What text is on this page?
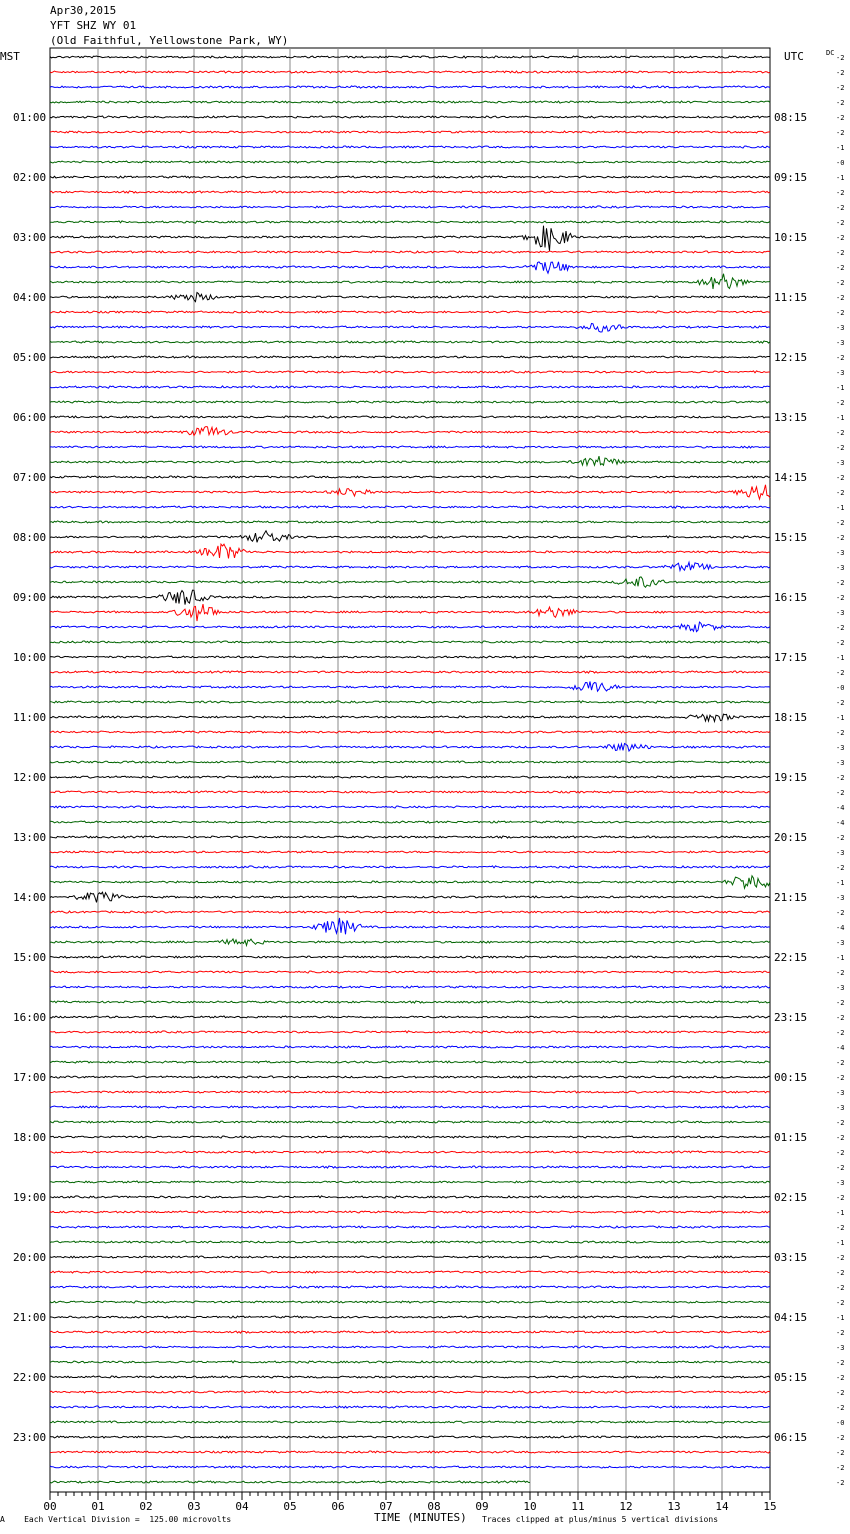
-2
-2
-2
-2
-2
-2
-1
-0
-1
-2
-2
-2
-2
-2
-2
-2
-2
-2
-3
-3
-2
-3
-1
-2
-1
-2
-2
-3
-2
-2
-1
-2
-2
-3
-3
-2
-2
-3
-2
-2
-1
-2
-0
-2
-1
-2
-3
-3
-2
-2
-4
-4
-2
-3
-2
-1
-3
-2
-4
-3
-1
-2
-3
-2
-2
-2
-4
-2
-2
-3
-3
-2
-2
-2
-2
-3
-2
-1
-2
-1
-2
-2
-2
-2
-1
-2
-3
-2
-2
-2
-2
-0
-2
-2
-2
-2
01:00
02:00
03:00
04:00
05:00
06:00
07:00
08:00
09:00
10:00
11:00
12:00
13:00
14:00
15:00
16:00
17:00
18:00
19:00
20:00
21:00
22:00
23:00
08:15
09:15
10:15
11:15
12:15
13:15
14:15
15:15
16:15
17:15
18:15
19:15
20:15
21:15
22:15
23:15
00:15
01:15
02:15
03:15
04:15
05:15
06:15
00	01	02	03	04	05	06	07	08	09	10	11	12	13	14	15
Apr30,2015
YFT SHZ WY 01
(Old Faithful, Yellowstone Park, WY)
MST	UTC	DC
A Each Vertical Division =  125.00 microvolts	TIME (MINUTES) Traces clipped at plus/minus 5 vertical divisions
